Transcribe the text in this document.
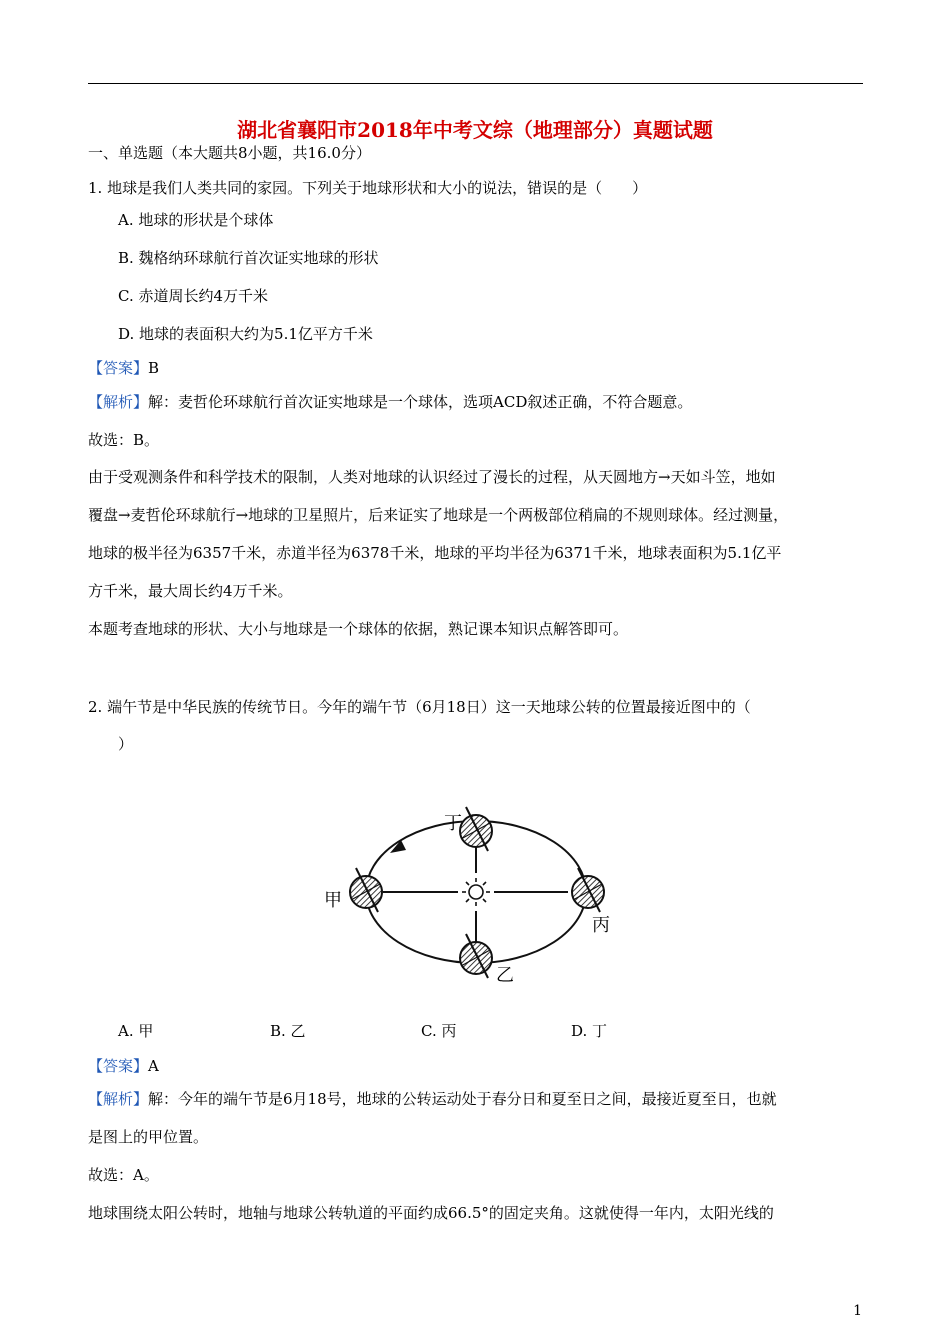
湖北省襄阳市2018年中考文综（地理部分）真题试题
一、单选题（本大题共8小题，共16.0分）
1. 地球是我们人类共同的家园。下列关于地球形状和大小的说法，错误的是（　　）
A. 地球的形状是个球体
B. 魏格纳环球航行首次证实地球的形状
C. 赤道周长约4万千米
D. 地球的表面积大约为5.1亿平方千米
【答案】B
【解析】解：麦哲伦环球航行首次证实地球是一个球体，选项ACD叙述正确，不符合题意。
故选：B。
由于受观测条件和科学技术的限制，人类对地球的认识经过了漫长的过程，从天圆地方→天如斗笠，地如
覆盘→麦哲伦环球航行→地球的卫星照片，后来证实了地球是一个两极部位稍扁的不规则球体。经过测量，
地球的极半径为6357千米，赤道半径为6378千米，地球的平均半径为6371千米，地球表面积为5.1亿平
方千米，最大周长约4万千米。
本题考查地球的形状、大小与地球是一个球体的依据，熟记课本知识点解答即可。
2. 端午节是中华民族的传统节日。今年的端午节（6月18日）这一天地球公转的位置最接近图中的（
）
丁
甲
丙
乙
A. 甲	B. 乙	C. 丙	D. 丁
【答案】A
【解析】解：今年的端午节是6月18号，地球的公转运动处于春分日和夏至日之间，最接近夏至日，也就
是图上的甲位置。
故选：A。
地球围绕太阳公转时，地轴与地球公转轨道的平面约成66.5°的固定夹角。这就使得一年内，太阳光线的
1
